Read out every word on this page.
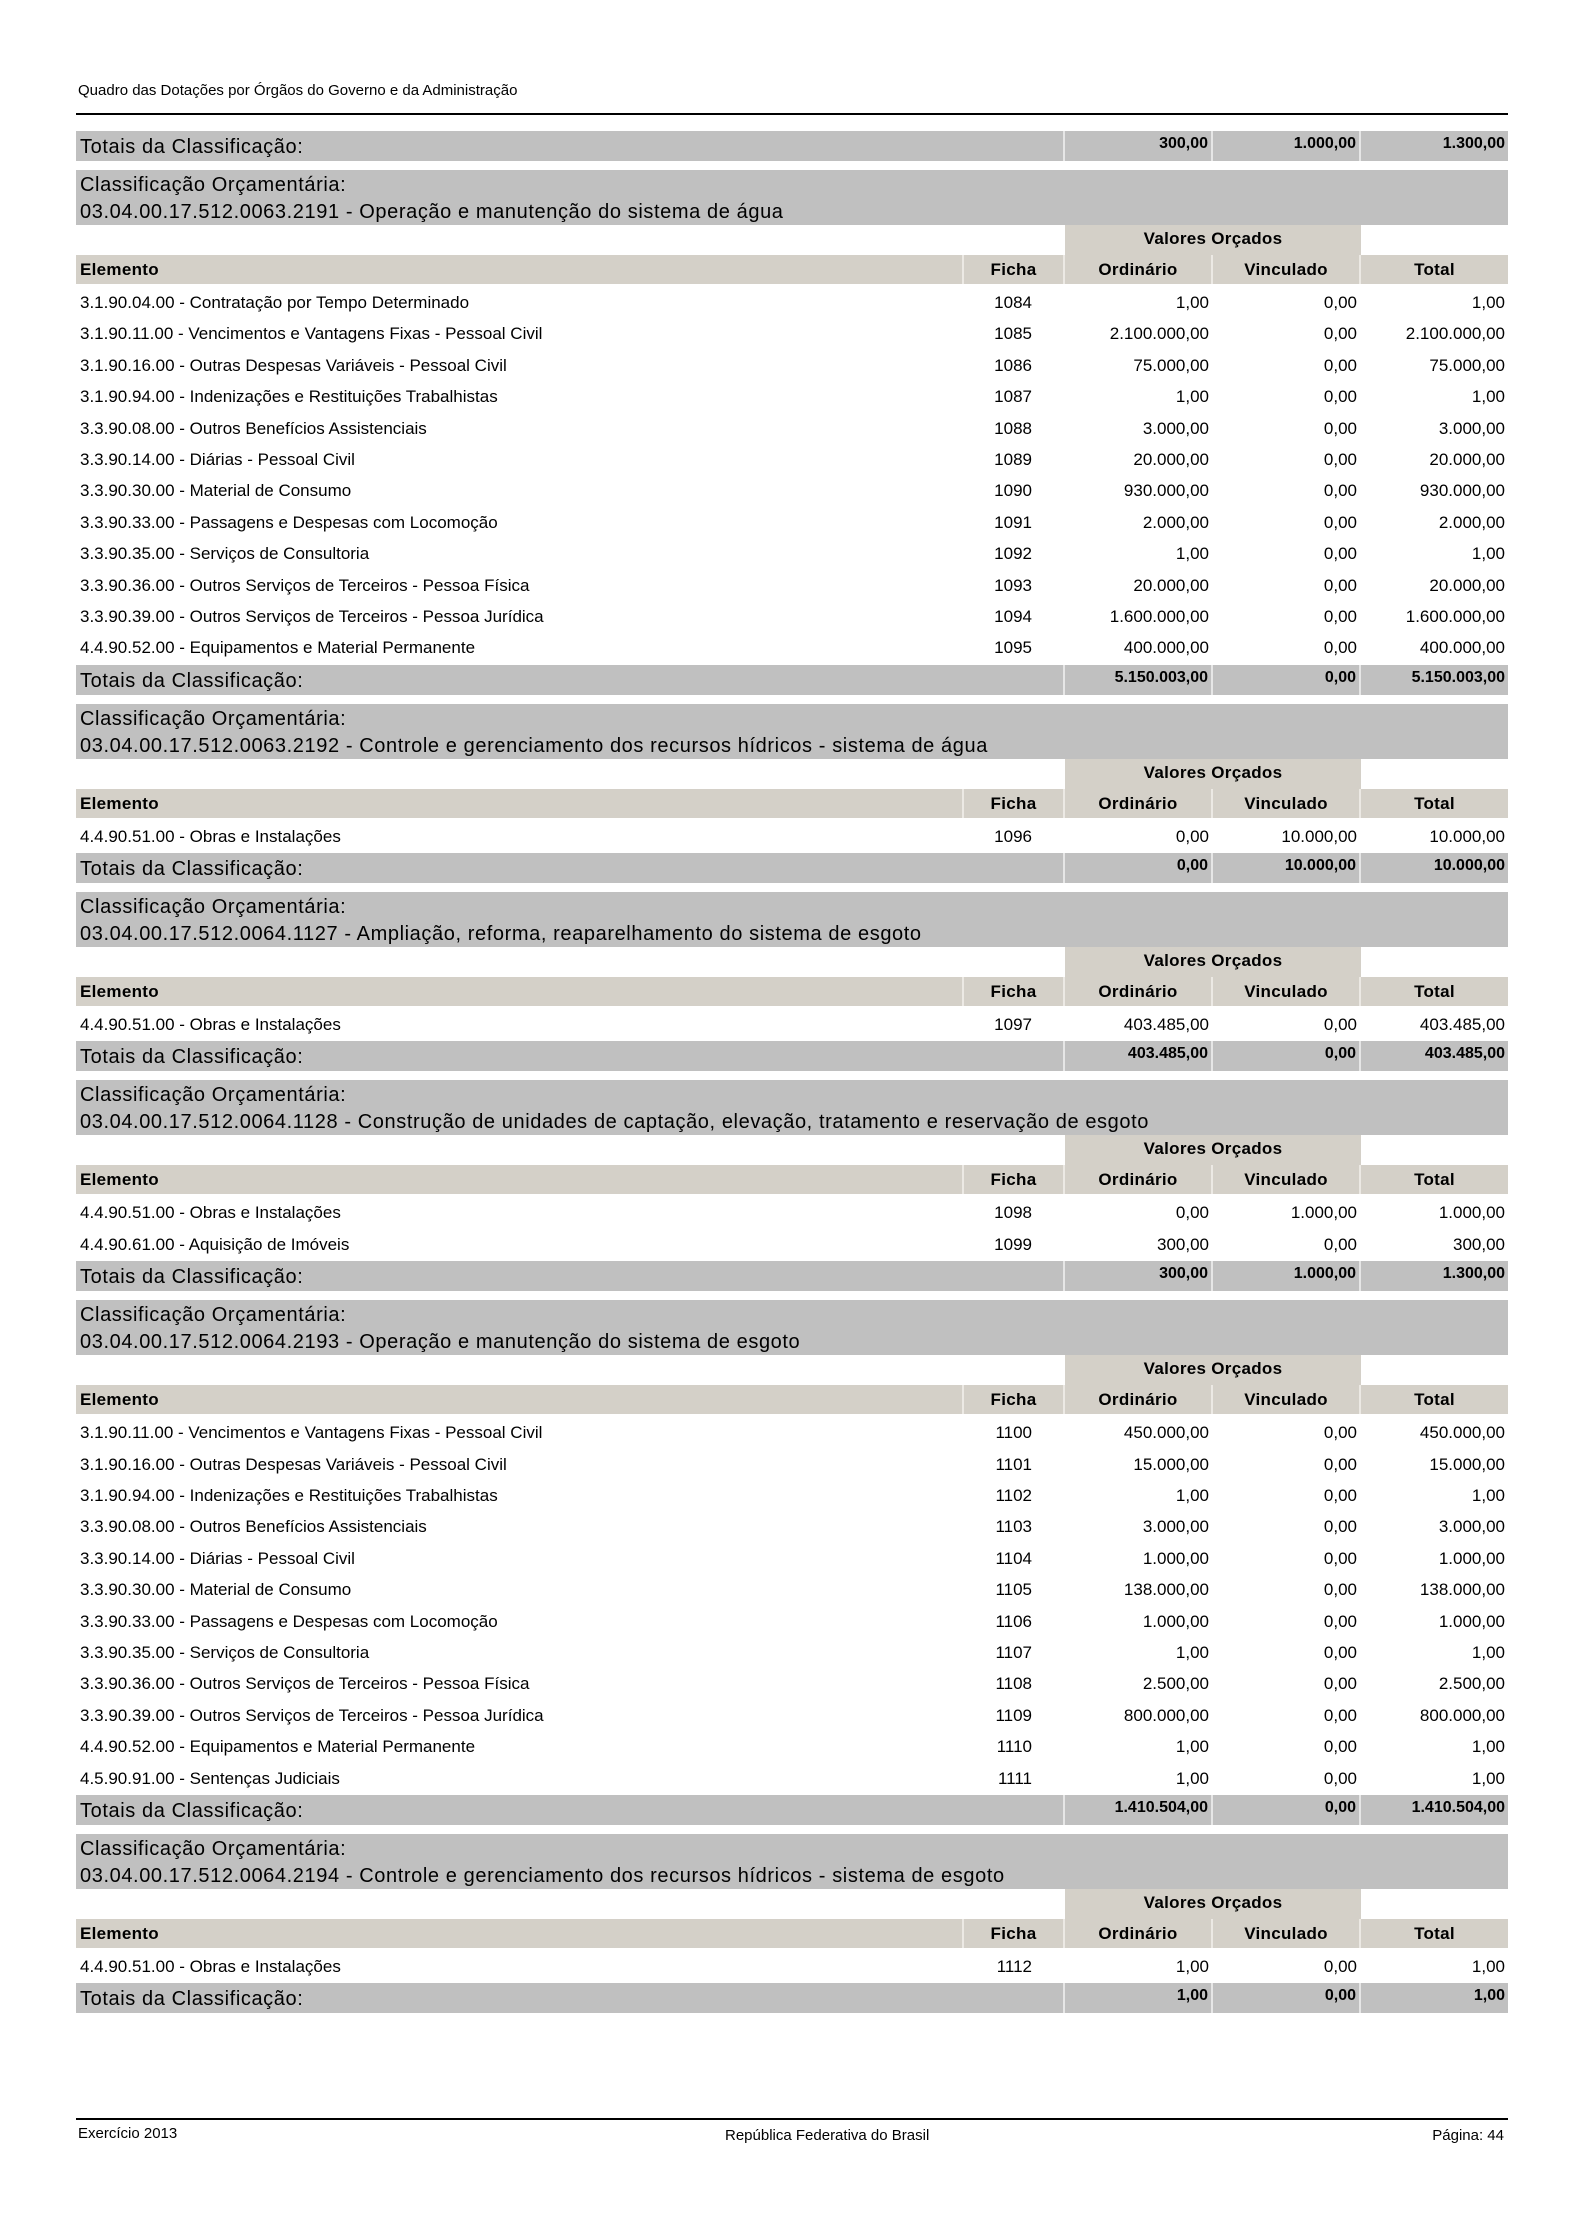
Quadro das Dotações por Órgãos do Governo e da Administração
Totais da Classificação:	300,00	1.000,00	1.300,00
Classificação Orçamentária:
03.04.00.17.512.0063.2191 - Operação e manutenção do sistema de água
Valores Orçados
Elemento	Ficha	Ordinário	Vinculado	Total
3.1.90.04.00 - Contratação por Tempo Determinado	1084	1,00	0,00	1,00
3.1.90.11.00 - Vencimentos e Vantagens Fixas - Pessoal Civil	1085	2.100.000,00	0,00	2.100.000,00
3.1.90.16.00 - Outras Despesas Variáveis - Pessoal Civil	1086	75.000,00	0,00	75.000,00
3.1.90.94.00 - Indenizações e Restituições Trabalhistas	1087	1,00	0,00	1,00
3.3.90.08.00 - Outros Benefícios Assistenciais	1088	3.000,00	0,00	3.000,00
3.3.90.14.00 - Diárias - Pessoal Civil	1089	20.000,00	0,00	20.000,00
3.3.90.30.00 - Material de Consumo	1090	930.000,00	0,00	930.000,00
3.3.90.33.00 - Passagens e Despesas com Locomoção	1091	2.000,00	0,00	2.000,00
3.3.90.35.00 - Serviços de Consultoria	1092	1,00	0,00	1,00
3.3.90.36.00 - Outros Serviços de Terceiros - Pessoa Física	1093	20.000,00	0,00	20.000,00
3.3.90.39.00 - Outros Serviços de Terceiros - Pessoa Jurídica	1094	1.600.000,00	0,00	1.600.000,00
4.4.90.52.00 - Equipamentos e Material Permanente	1095	400.000,00	0,00	400.000,00
Totais da Classificação:	5.150.003,00	0,00	5.150.003,00
Classificação Orçamentária:
03.04.00.17.512.0063.2192 - Controle e gerenciamento dos recursos hídricos - sistema de água
Valores Orçados
Elemento	Ficha	Ordinário	Vinculado	Total
4.4.90.51.00 - Obras e Instalações	1096	0,00	10.000,00	10.000,00
Totais da Classificação:	0,00	10.000,00	10.000,00
Classificação Orçamentária:
03.04.00.17.512.0064.1127 - Ampliação, reforma, reaparelhamento do sistema de esgoto
Valores Orçados
Elemento	Ficha	Ordinário	Vinculado	Total
4.4.90.51.00 - Obras e Instalações	1097	403.485,00	0,00	403.485,00
Totais da Classificação:	403.485,00	0,00	403.485,00
Classificação Orçamentária:
03.04.00.17.512.0064.1128 - Construção de unidades de captação, elevação, tratamento e reservação de esgoto
Valores Orçados
Elemento	Ficha	Ordinário	Vinculado	Total
4.4.90.51.00 - Obras e Instalações	1098	0,00	1.000,00	1.000,00
4.4.90.61.00 - Aquisição de Imóveis	1099	300,00	0,00	300,00
Totais da Classificação:	300,00	1.000,00	1.300,00
Classificação Orçamentária:
03.04.00.17.512.0064.2193 - Operação e manutenção do sistema de esgoto
Valores Orçados
Elemento	Ficha	Ordinário	Vinculado	Total
3.1.90.11.00 - Vencimentos e Vantagens Fixas - Pessoal Civil	1100	450.000,00	0,00	450.000,00
3.1.90.16.00 - Outras Despesas Variáveis - Pessoal Civil	1101	15.000,00	0,00	15.000,00
3.1.90.94.00 - Indenizações e Restituições Trabalhistas	1102	1,00	0,00	1,00
3.3.90.08.00 - Outros Benefícios Assistenciais	1103	3.000,00	0,00	3.000,00
3.3.90.14.00 - Diárias - Pessoal Civil	1104	1.000,00	0,00	1.000,00
3.3.90.30.00 - Material de Consumo	1105	138.000,00	0,00	138.000,00
3.3.90.33.00 - Passagens e Despesas com Locomoção	1106	1.000,00	0,00	1.000,00
3.3.90.35.00 - Serviços de Consultoria	1107	1,00	0,00	1,00
3.3.90.36.00 - Outros Serviços de Terceiros - Pessoa Física	1108	2.500,00	0,00	2.500,00
3.3.90.39.00 - Outros Serviços de Terceiros - Pessoa Jurídica	1109	800.000,00	0,00	800.000,00
4.4.90.52.00 - Equipamentos e Material Permanente	1110	1,00	0,00	1,00
4.5.90.91.00 - Sentenças Judiciais	1111	1,00	0,00	1,00
Totais da Classificação:	1.410.504,00	0,00	1.410.504,00
Classificação Orçamentária:
03.04.00.17.512.0064.2194 - Controle e gerenciamento dos recursos hídricos - sistema de esgoto
Valores Orçados
Elemento	Ficha	Ordinário	Vinculado	Total
4.4.90.51.00 - Obras e Instalações	1112	1,00	0,00	1,00
Totais da Classificação:	1,00	0,00	1,00
Exercício 2013	República Federativa do Brasil	Página: 44
